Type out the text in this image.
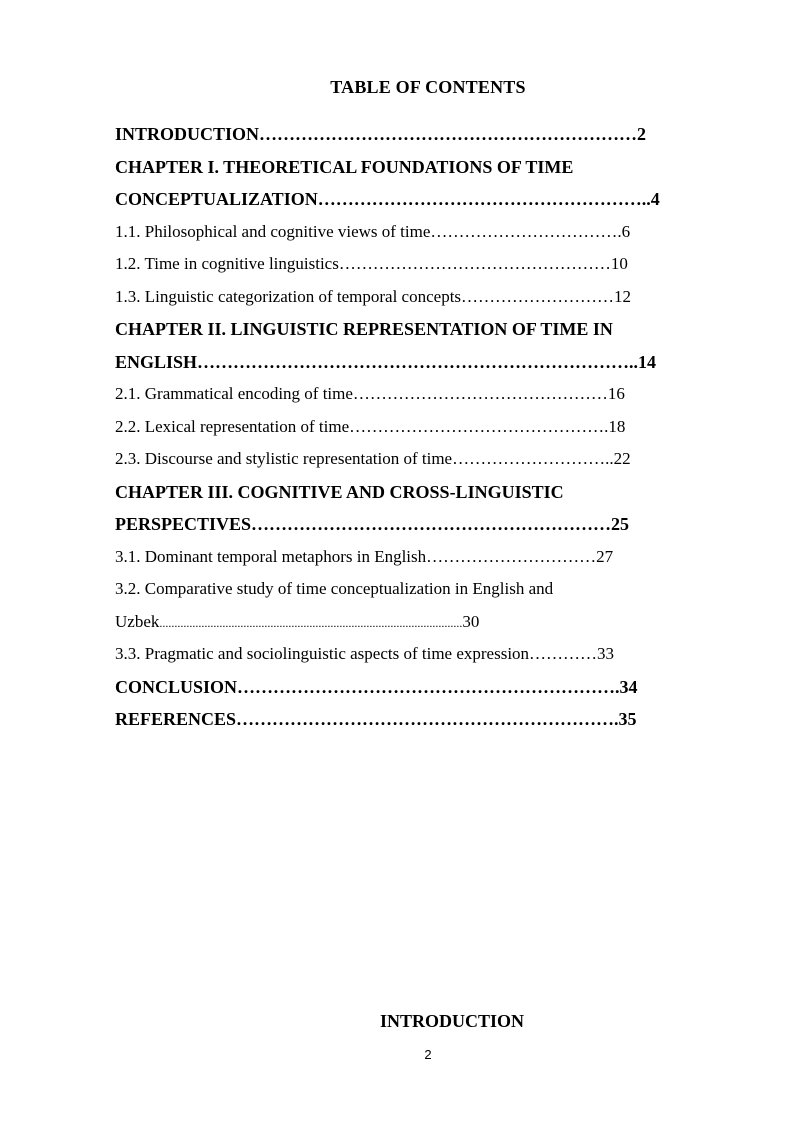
TABLE OF CONTENTS
INTRODUCTION………………………………………………………2
CHAPTER I. THEORETICAL FOUNDATIONS OF TIME
CONCEPTUALIZATION………………………………………………..4
1.1. Philosophical and cognitive views of time…………………………….6
1.2. Time in cognitive linguistics…………………………………………10
1.3. Linguistic categorization of temporal concepts………………………12
CHAPTER II. LINGUISTIC REPRESENTATION OF TIME IN
ENGLISH………………………………………………………………..14
2.1. Grammatical encoding of time………………………………………16
2.2. Lexical representation of time……………………………………….18
2.3. Discourse and stylistic representation of time………………………..22
CHAPTER III. COGNITIVE AND CROSS-LINGUISTIC
PERSPECTIVES……………………………………………………25
3.1. Dominant temporal metaphors in English…………………………27
3.2. Comparative study of time conceptualization in English and
Uzbek.....................................................................................................30
3.3. Pragmatic and sociolinguistic aspects of time expression…………33
CONCLUSION……………………………………………………….34
REFERENCES……………………………………………………….35
INTRODUCTION
2
